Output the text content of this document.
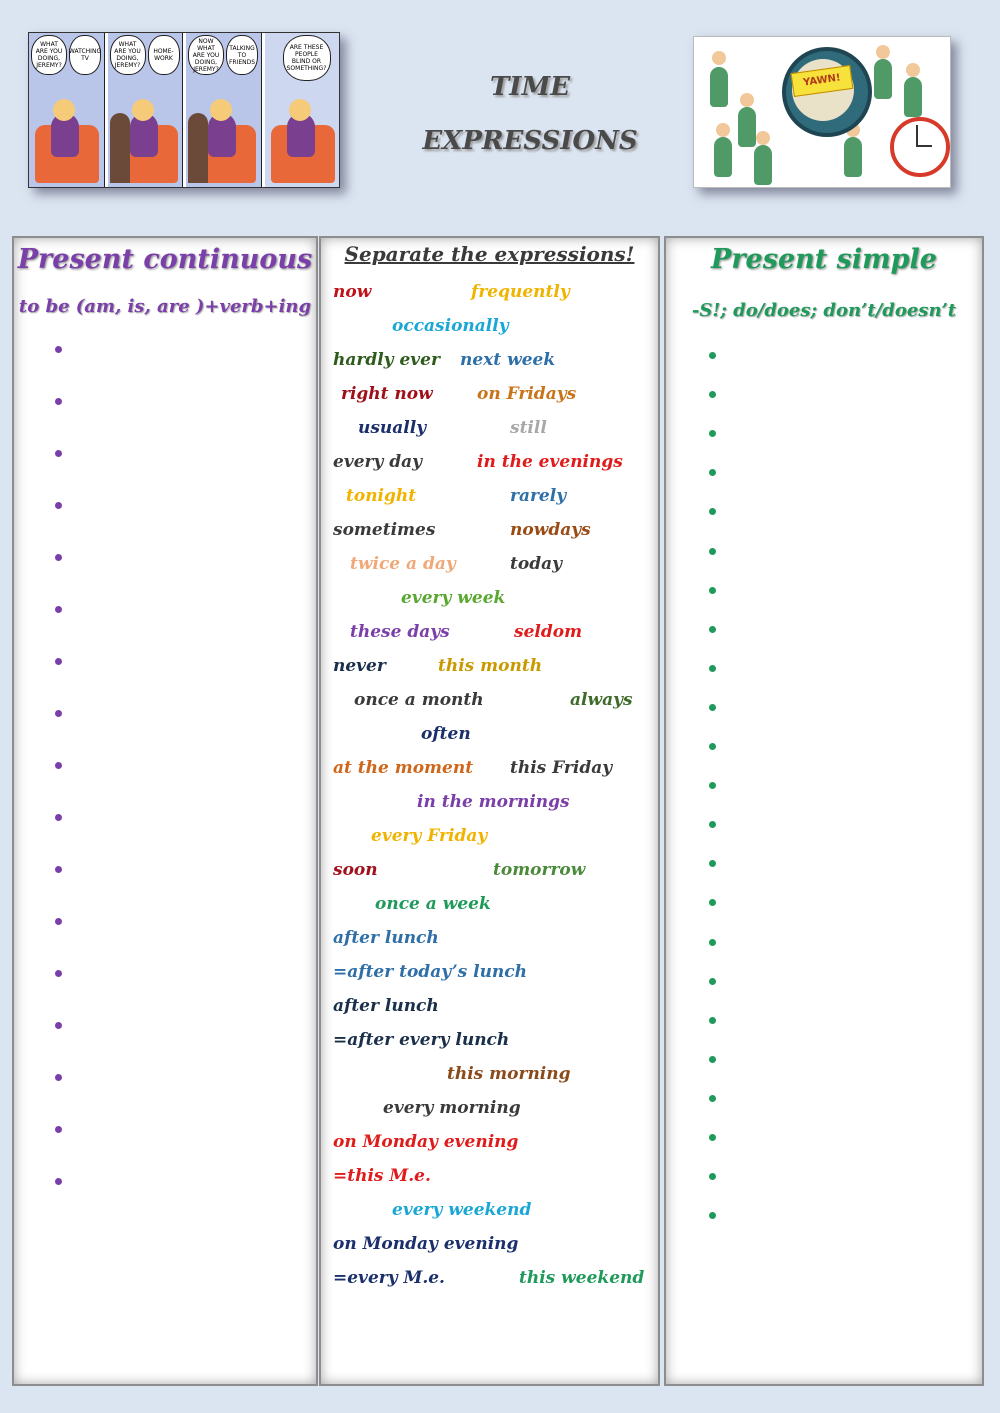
WHAT ARE YOU DOING, JEREMY?
WATCHING TV
WHAT ARE YOU DOING, JEREMY?
HOME-WORK
NOW WHAT ARE YOU DOING, JEREMY?
TALKING TO FRIENDS
ARE THESE PEOPLE BLIND OR SOMETHING?
TIME
EXPRESSIONS
YAWN!
Present continuous
to be (am, is, are )+verb+ing
Separate the expressions!
now	frequently
occasionally
hardly ever next week
right now	on Fridays
usually	still
every day	in the evenings
tonight	rarely
sometimes	nowdays
twice a day	today
every week
these days	seldom
never	this month
once a month	always
often
at the moment this Friday
in the mornings
every Friday
soon	tomorrow
once a week
after lunch
=after today’s lunch
after lunch
=after every lunch
this morning
every morning
on Monday evening
=this M.e.
every weekend
on Monday evening
=every M.e.	this weekend
Present simple
-S!; do/does; don’t/doesn’t
